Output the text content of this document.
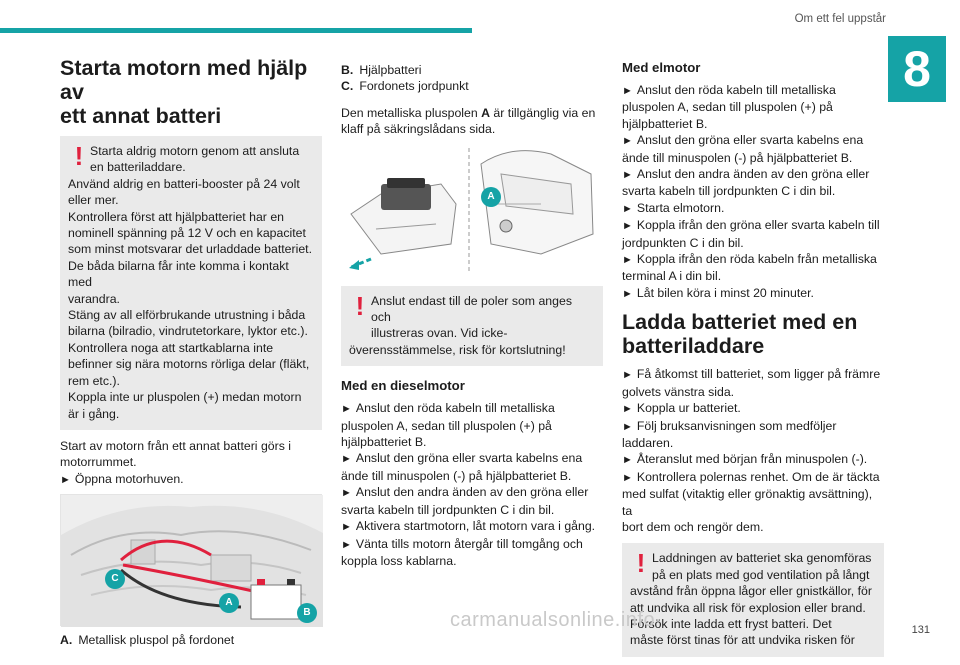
Om ett fel uppstår
8
Starta motorn med hjälp av
ett annat batteri
! Starta aldrig motorn genom att ansluta
en batteriladdare.
Använd aldrig en batteri-booster på 24 volt
eller mer.
Kontrollera först att hjälpbatteriet har en
nominell spänning på 12 V och en kapacitet
som minst motsvarar det urladdade batteriet.
De båda bilarna får inte komma i kontakt med
varandra.
Stäng av all elförbrukande utrustning i båda
bilarna (bilradio, vindrutetorkare, lyktor etc.).
Kontrollera noga att startkablarna inte
befinner sig nära motorns rörliga delar (fläkt,
rem etc.).
Koppla inte ur pluspolen (+) medan motorn
är i gång.

Start av motorn från ett annat batteri görs i
motorrummet.
► Öppna motorhuven.

C
A
B

A. Metallisk pluspol på fordonet

B. Hjälpbatteri

C. Fordonets jordpunkt

Den metalliska pluspolen A är tillgänglig via en
klaff på säkringslådans sida.

A
! Anslut endast till de poler som anges och
illustreras ovan. Vid icke-
överensstämmelse, risk för kortslutning!
Med en dieselmotor

► Anslut den röda kabeln till metalliska
pluspolen A, sedan till pluspolen (+) på
hjälpbatteriet B.
► Anslut den gröna eller svarta kabelns ena
ände till minuspolen (-) på hjälpbatteriet B.
► Anslut den andra änden av den gröna eller
svarta kabeln till jordpunkten C i din bil.
► Aktivera startmotorn, låt motorn vara i gång.
► Vänta tills motorn återgår till tomgång och
koppla loss kablarna.

Med elmotor

► Anslut den röda kabeln till metalliska
pluspolen A, sedan till pluspolen (+) på
hjälpbatteriet B.
► Anslut den gröna eller svarta kabelns ena
ände till minuspolen (-) på hjälpbatteriet B.
► Anslut den andra änden av den gröna eller
svarta kabeln till jordpunkten C i din bil.
► Starta elmotorn.
► Koppla ifrån den gröna eller svarta kabeln till
jordpunkten C i din bil.
► Koppla ifrån den röda kabeln från metalliska
terminal A i din bil.
► Låt bilen köra i minst 20 minuter.

Ladda batteriet med en
batteriladdare

► Få åtkomst till batteriet, som ligger på främre
golvets vänstra sida.
► Koppla ur batteriet.
► Följ bruksanvisningen som medföljer
laddaren.
► Återanslut med början från minuspolen (-).
► Kontrollera polernas renhet. Om de är täckta
med sulfat (vitaktig eller grönaktig avsättning), ta
bort dem och rengör dem.

! Laddningen av batteriet ska genomföras
på en plats med god ventilation på långt
avstånd från öppna lågor eller gnistkällor, för
att undvika all risk för explosion eller brand.
Försök inte ladda ett fryst batteri. Det
måste först tinas för att undvika risken för
carmanualsonline.info	131
